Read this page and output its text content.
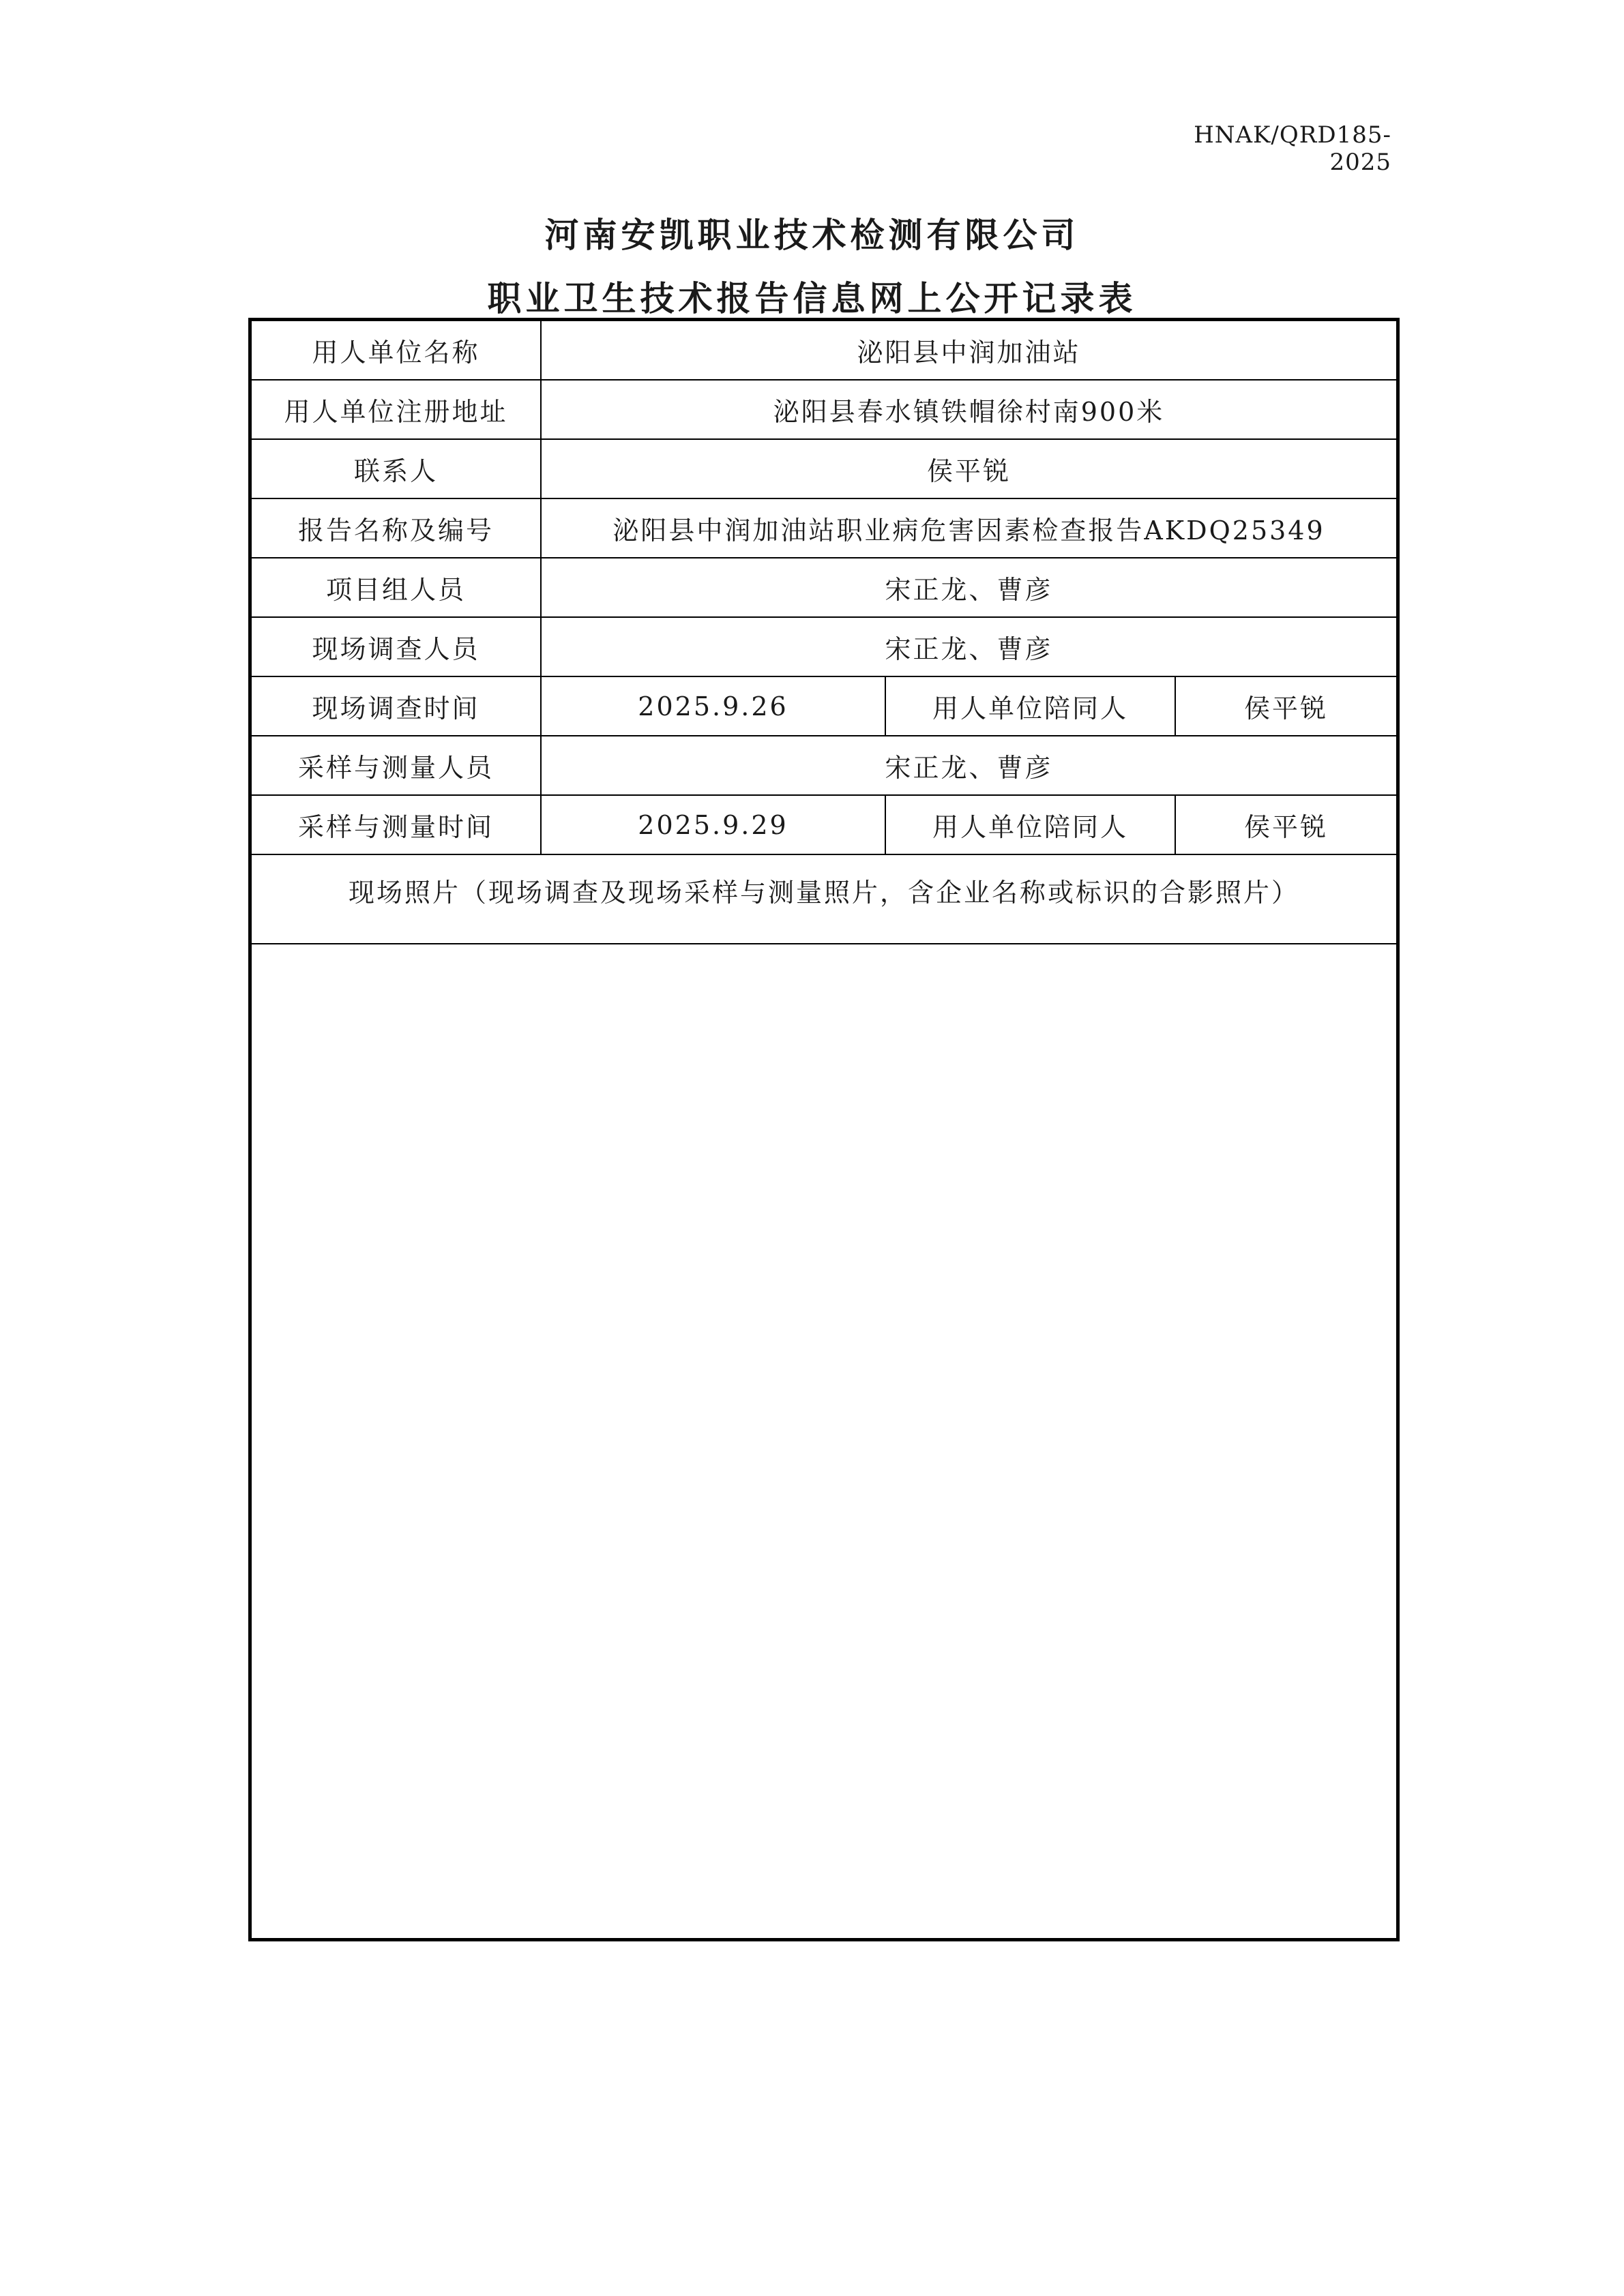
HNAK/QRD185-2025
河南安凯职业技术检测有限公司
职业卫生技术报告信息网上公开记录表
用人单位名称	泌阳县中润加油站
用人单位注册地址	泌阳县春水镇铁帽徐村南900米
联系人	侯平锐
报告名称及编号	泌阳县中润加油站职业病危害因素检查报告AKDQ25349
项目组人员	宋正龙、曹彦
现场调查人员	宋正龙、曹彦
现场调查时间	2025.9.26	用人单位陪同人	侯平锐
采样与测量人员	宋正龙、曹彦
采样与测量时间	2025.9.29	用人单位陪同人	侯平锐
现场照片（现场调查及现场采样与测量照片，含企业名称或标识的合影照片）
